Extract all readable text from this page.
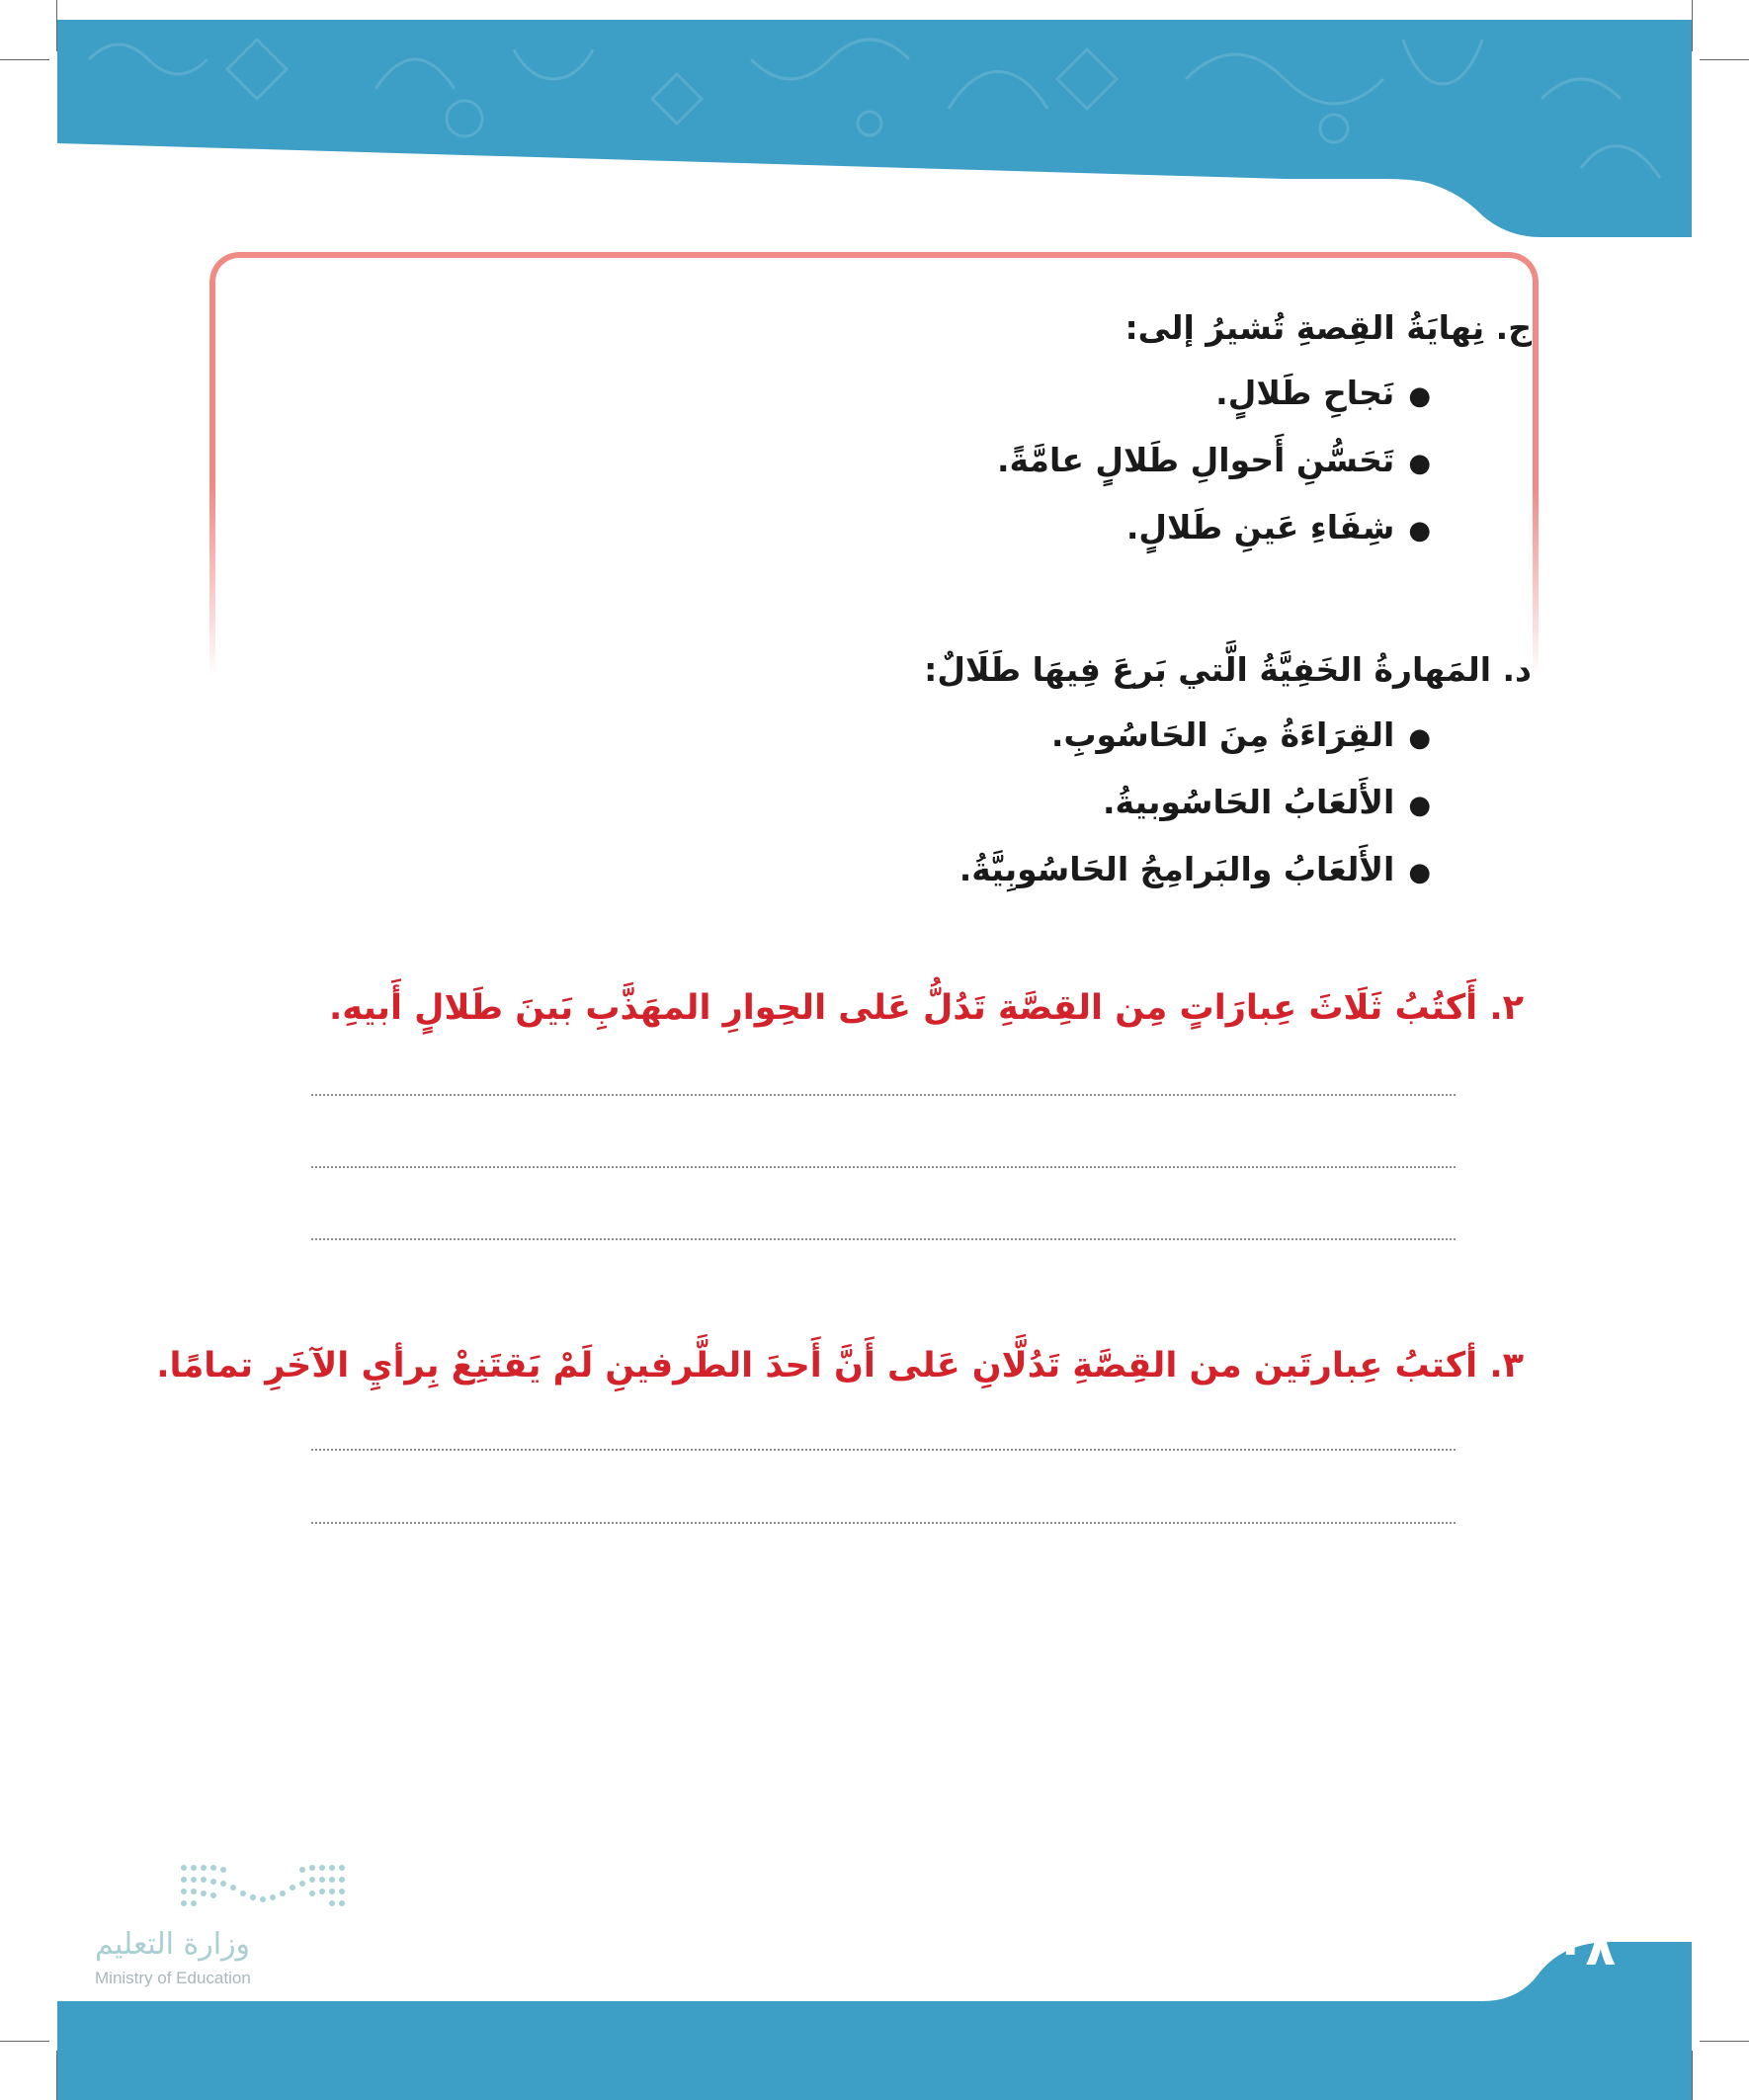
١٠٨
ج. نِهايَةُ القِصةِ تُشيرُ إلى:
●نَجاحِ طَلالٍ.
●تَحَسُّنِ أَحوالِ طَلالٍ عامَّةً.
●شِفَاءِ عَينِ طَلالٍ.
د. المَهارةُ الخَفِيَّةُ الَّتي بَرعَ فِيهَا طَلَالٌ:
●القِرَاءَةُ مِنَ الحَاسُوبِ.
●الأَلعَابُ الحَاسُوبيةُ.
●الأَلعَابُ والبَرامِجُ الحَاسُوبِيَّةُ.
٢. أَكتُبُ ثَلَاثَ عِبارَاتٍ مِن القِصَّةِ تَدُلُّ عَلى الحِوارِ المهَذَّبِ بَينَ طَلالٍ أَبيهِ.
٣. أكتبُ عِبارتَين من القِصَّةِ تَدُلَّانِ عَلى أَنَّ أَحدَ الطَّرفينِ لَمْ يَقتَنِعْ بِرأيِ الآخَرِ تمامًا.
وزارة التعليم
Ministry of Education
